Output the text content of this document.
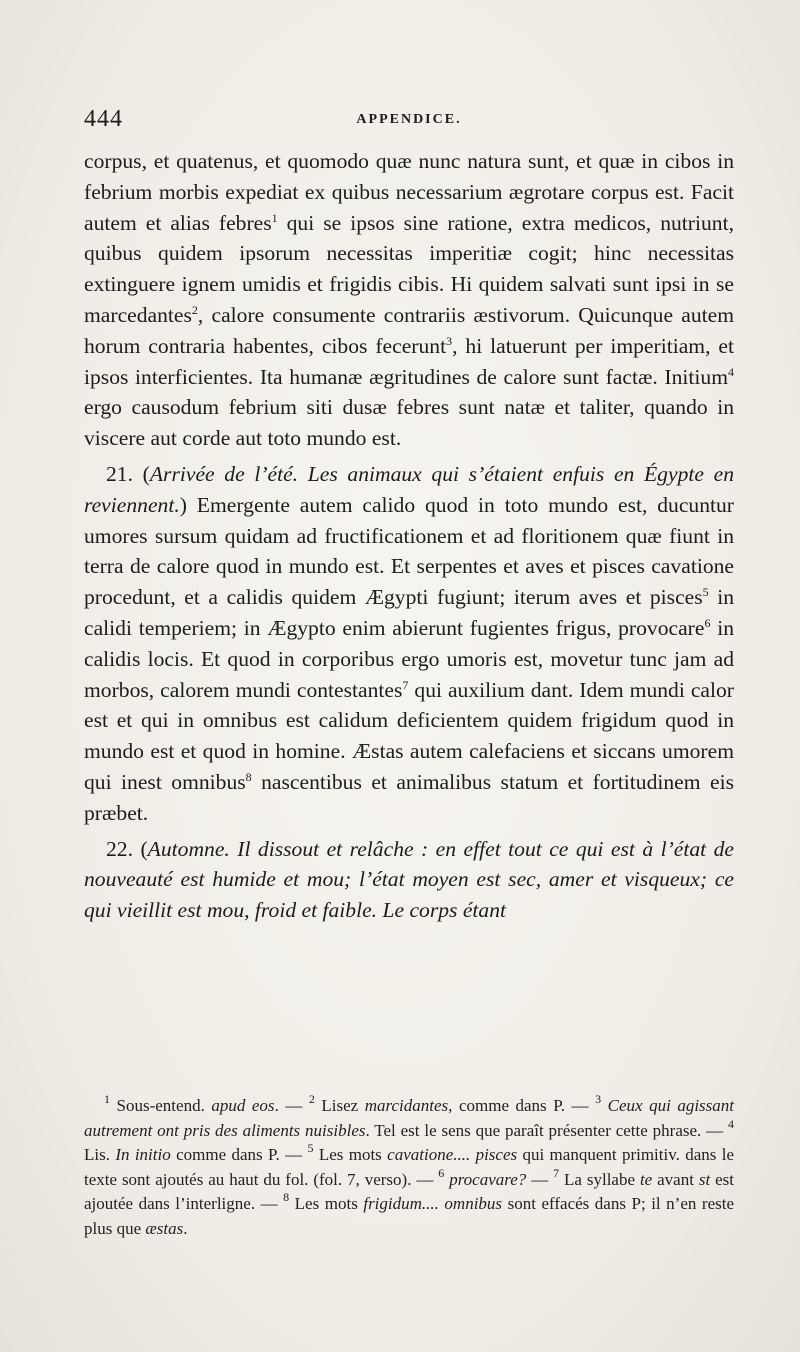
444	APPENDICE.

corpus, et quatenus, et quomodo quæ nunc natura sunt, et quæ in cibos in febrium morbis expediat ex quibus necessarium ægrotare corpus est. Facit autem et alias febres$^1$ qui se ipsos sine ratione, extra medicos, nutriunt, quibus quidem ipsorum necessitas imperitiæ cogit; hinc necessitas extinguere ignem umidis et frigidis cibis. Hi quidem salvati sunt ipsi in se marcedantes$^2$, calore consumente contrariis æstivorum. Quicunque autem horum contraria habentes, cibos fecerunt$^3$, hi latuerunt per imperitiam, et ipsos interficientes. Ita humanæ ægritudines de calore sunt factæ. Initium$^4$ ergo causodum febrium siti dusæ febres sunt natæ et taliter, quando in viscere aut corde aut toto mundo est.

21. (Arrivée de l’été. Les animaux qui s’étaient enfuis en Égypte en reviennent.) Emergente autem calido quod in toto mundo est, ducuntur umores sursum quidam ad fructificationem et ad floritionem quæ fiunt in terra de calore quod in mundo est. Et serpentes et aves et pisces cavatione procedunt, et a calidis quidem Ægypti fugiunt; iterum aves et pisces$^5$ in calidi temperiem; in Ægypto enim abierunt fugientes frigus, provocare$^6$ in calidis locis. Et quod in corporibus ergo umoris est, movetur tunc jam ad morbos, calorem mundi contestantes$^7$ qui auxilium dant. Idem mundi calor est et qui in omnibus est calidum deficientem quidem frigidum quod in mundo est et quod in homine. Æstas autem calefaciens et siccans umorem qui inest omnibus$^8$ nascentibus et animalibus statum et fortitudinem eis præbet.

22. (Automne. Il dissout et relâche : en effet tout ce qui est à l’état de nouveauté est humide et mou; l’état moyen est sec, amer et visqueux; ce qui vieillit est mou, froid et faible. Le corps étant

$^1$ Sous-entend. apud eos. — $^2$ Lisez marcidantes, comme dans P. — $^3$ Ceux qui agissant autrement ont pris des aliments nuisibles. Tel est le sens que paraît présenter cette phrase. — $^4$ Lis. In initio comme dans P. — $^5$ Les mots cavatione.... pisces qui manquent primitiv. dans le texte sont ajoutés au haut du fol. (fol. 7, verso). — $^6$ procavare? — $^7$ La syllabe te avant st est ajoutée dans l’interligne. — $^8$ Les mots frigidum.... omnibus sont effacés dans P; il n’en reste plus que æstas.
